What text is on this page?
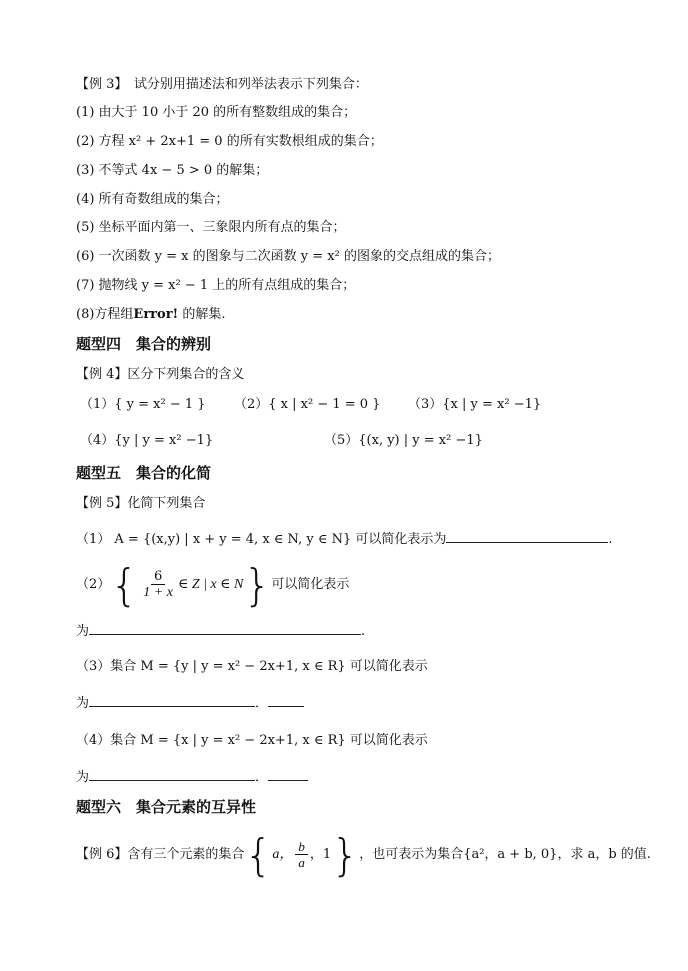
【例 3】　试分别用描述法和列举法表示下列集合：
(1) 由大于 10 小于 20 的所有整数组成的集合；
(2) 方程 x² + 2x+1 = 0 的所有实数根组成的集合；
(3) 不等式 4x − 5 > 0 的解集；
(4) 所有奇数组成的集合；
(5) 坐标平面内第一、三象限内所有点的集合；
(6) 一次函数 y = x 的图象与二次函数 y = x² 的图象的交点组成的集合；
(7) 抛物线 y = x² − 1 上的所有点组成的集合；
(8)方程组Error! 的解集.
题型四　集合的辨别
【例 4】区分下列集合的含义
（1）{ y = x² − 1 } （2）{ x | x² − 1 = 0 } （3）{x | y = x² −1}
（4）{y | y = x² −1}	（5）{(x, y) | y = x² −1}
题型五　集合的化简
【例 5】化简下列集合
（1） A = {(x,y) | x + y = 4, x ∈ N, y ∈ N} 可以简化表示为	.
$(2)\{ \frac{6}{1 + x}$ ∈ Z | x ∈ N}可以简化表示
为	.
（3）集合 M = {y | y = x² − 2x+1, x ∈ R} 可以简化表示
为	．
（4）集合 M = {x | y = x² − 2x+1, x ∈ R} 可以简化表示
为	．
题型六　集合元素的互异性
【例 6】含有三个元素的集合{a， $\frac{b}{a}$ ，1}，也可表示为集合{a²，a + b, 0}，求 a，b 的值.
